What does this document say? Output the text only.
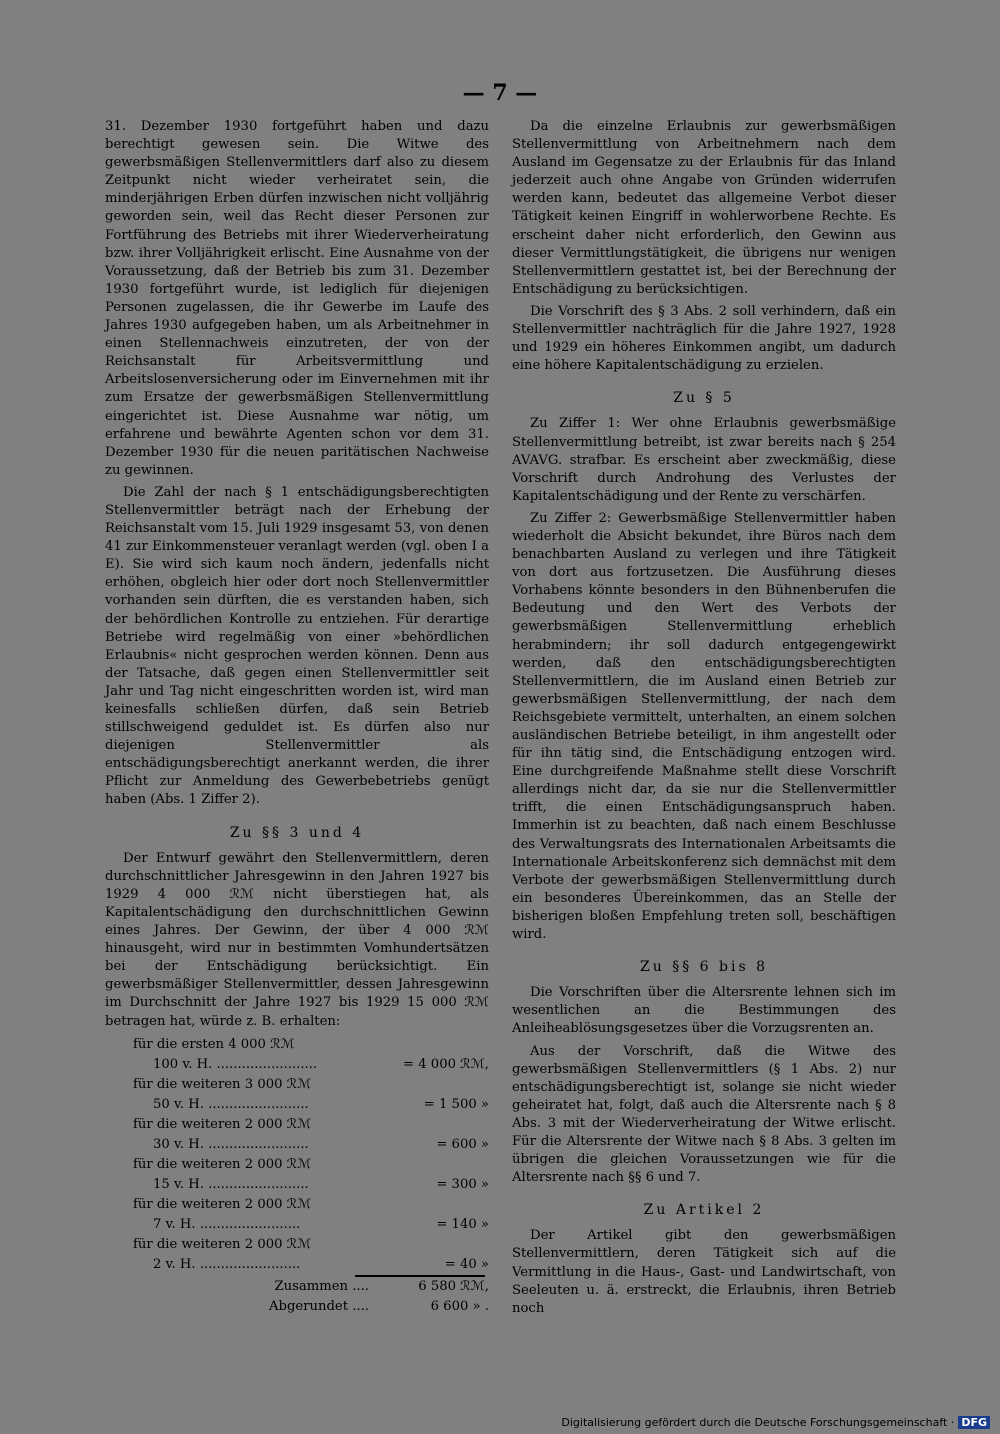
— 7 —

31. Dezember 1930 fortgeführt haben und dazu berechtigt gewesen sein. Die Witwe des gewerbsmäßigen Stellenvermittlers darf also zu diesem Zeitpunkt nicht wieder verheiratet sein, die minderjährigen Erben dürfen inzwischen nicht volljährig geworden sein, weil das Recht dieser Personen zur Fortführung des Betriebs mit ihrer Wiederverheiratung bzw. ihrer Volljährigkeit erlischt. Eine Ausnahme von der Voraussetzung, daß der Betrieb bis zum 31. Dezember 1930 fortgeführt wurde, ist lediglich für diejenigen Personen zugelassen, die ihr Gewerbe im Laufe des Jahres 1930 aufgegeben haben, um als Arbeitnehmer in einen Stellennachweis einzutreten, der von der Reichsanstalt für Arbeitsvermittlung und Arbeitslosenversicherung oder im Einvernehmen mit ihr zum Ersatze der gewerbsmäßigen Stellenvermittlung eingerichtet ist. Diese Ausnahme war nötig, um erfahrene und bewährte Agenten schon vor dem 31. Dezember 1930 für die neuen paritätischen Nachweise zu gewinnen.

Die Zahl der nach § 1 entschädigungsberechtigten Stellenvermittler beträgt nach der Erhebung der Reichsanstalt vom 15. Juli 1929 insgesamt 53, von denen 41 zur Einkommensteuer veranlagt werden (vgl. oben I a E). Sie wird sich kaum noch ändern, jedenfalls nicht erhöhen, obgleich hier oder dort noch Stellenvermittler vorhanden sein dürften, die es verstanden haben, sich der behördlichen Kontrolle zu entziehen. Für derartige Betriebe wird regelmäßig von einer »behördlichen Erlaubnis« nicht gesprochen werden können. Denn aus der Tatsache, daß gegen einen Stellenvermittler seit Jahr und Tag nicht eingeschritten worden ist, wird man keinesfalls schließen dürfen, daß sein Betrieb stillschweigend geduldet ist. Es dürfen also nur diejenigen Stellenvermittler als entschädigungsberechtigt anerkannt werden, die ihrer Pflicht zur Anmeldung des Gewerbebetriebs genügt haben (Abs. 1 Ziffer 2).

Zu §§ 3 und 4

Der Entwurf gewährt den Stellenvermittlern, deren durchschnittlicher Jahresgewinn in den Jahren 1927 bis 1929 4 000 ℛℳ nicht überstiegen hat, als Kapitalentschädigung den durchschnittlichen Gewinn eines Jahres. Der Gewinn, der über 4 000 ℛℳ hinausgeht, wird nur in bestimmten Vomhundertsätzen bei der Entschädigung berücksichtigt. Ein gewerbsmäßiger Stellenvermittler, dessen Jahresgewinn im Durchschnitt der Jahre 1927 bis 1929 15 000 ℛℳ betragen hat, würde z. B. erhalten:

für die ersten 4 000 ℛℳ
100 v. H. ........................	= 4 000 ℛℳ,
für die weiteren 3 000 ℛℳ
50 v. H. ........................	= 1 500 »
für die weiteren 2 000 ℛℳ
30 v. H. ........................	= 600 »
für die weiteren 2 000 ℛℳ
15 v. H. ........................	= 300 »
für die weiteren 2 000 ℛℳ
7 v. H. ........................	= 140 »
für die weiteren 2 000 ℛℳ
2 v. H. ........................	= 40 »
Zusammen ....	6 580 ℛℳ,
Abgerundet ....	6 600 » .

Da die einzelne Erlaubnis zur gewerbsmäßigen Stellenvermittlung von Arbeitnehmern nach dem Ausland im Gegensatze zu der Erlaubnis für das Inland jederzeit auch ohne Angabe von Gründen widerrufen werden kann, bedeutet das allgemeine Verbot dieser Tätigkeit keinen Eingriff in wohlerworbene Rechte. Es erscheint daher nicht erforderlich, den Gewinn aus dieser Vermittlungstätigkeit, die übrigens nur wenigen Stellenvermittlern gestattet ist, bei der Berechnung der Entschädigung zu berücksichtigen.

Die Vorschrift des § 3 Abs. 2 soll verhindern, daß ein Stellenvermittler nachträglich für die Jahre 1927, 1928 und 1929 ein höheres Einkommen angibt, um dadurch eine höhere Kapitalentschädigung zu erzielen.

Zu § 5

Zu Ziffer 1: Wer ohne Erlaubnis gewerbsmäßige Stellenvermittlung betreibt, ist zwar bereits nach § 254 AVAVG. strafbar. Es erscheint aber zweckmäßig, diese Vorschrift durch Androhung des Verlustes der Kapitalentschädigung und der Rente zu verschärfen.

Zu Ziffer 2: Gewerbsmäßige Stellenvermittler haben wiederholt die Absicht bekundet, ihre Büros nach dem benachbarten Ausland zu verlegen und ihre Tätigkeit von dort aus fortzusetzen. Die Ausführung dieses Vorhabens könnte besonders in den Bühnenberufen die Bedeutung und den Wert des Verbots der gewerbsmäßigen Stellenvermittlung erheblich herabmindern; ihr soll dadurch entgegengewirkt werden, daß den entschädigungsberechtigten Stellenvermittlern, die im Ausland einen Betrieb zur gewerbsmäßigen Stellenvermittlung, der nach dem Reichsgebiete vermittelt, unterhalten, an einem solchen ausländischen Betriebe beteiligt, in ihm angestellt oder für ihn tätig sind, die Entschädigung entzogen wird. Eine durchgreifende Maßnahme stellt diese Vorschrift allerdings nicht dar, da sie nur die Stellenvermittler trifft, die einen Entschädigungsanspruch haben. Immerhin ist zu beachten, daß nach einem Beschlusse des Verwaltungsrats des Internationalen Arbeitsamts die Internationale Arbeitskonferenz sich demnächst mit dem Verbote der gewerbsmäßigen Stellenvermittlung durch ein besonderes Übereinkommen, das an Stelle der bisherigen bloßen Empfehlung treten soll, beschäftigen wird.

Zu §§ 6 bis 8

Die Vorschriften über die Altersrente lehnen sich im wesentlichen an die Bestimmungen des Anleiheablösungsgesetzes über die Vorzugsrenten an.

Aus der Vorschrift, daß die Witwe des gewerbsmäßigen Stellenvermittlers (§ 1 Abs. 2) nur entschädigungsberechtigt ist, solange sie nicht wieder geheiratet hat, folgt, daß auch die Altersrente nach § 8 Abs. 3 mit der Wiederverheiratung der Witwe erlischt. Für die Altersrente der Witwe nach § 8 Abs. 3 gelten im übrigen die gleichen Voraussetzungen wie für die Altersrente nach §§ 6 und 7.

Zu Artikel 2

Der Artikel gibt den gewerbsmäßigen Stellenvermittlern, deren Tätigkeit sich auf die Vermittlung in die Haus-, Gast- und Landwirtschaft, von Seeleuten u. ä. erstreckt, die Erlaubnis, ihren Betrieb noch

Digitalisierung gefördert durch die Deutsche Forschungsgemeinschaft · DFG
